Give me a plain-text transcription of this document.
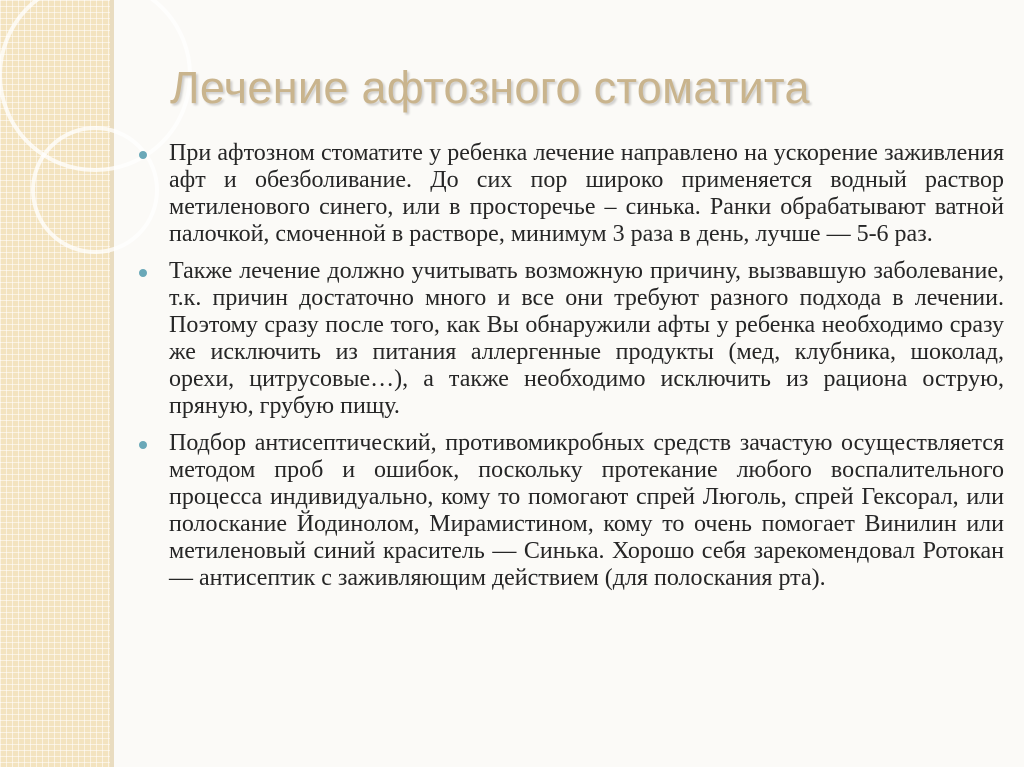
Лечение афтозного стоматита
При афтозном стоматите у ребенка лечение направлено на ускорение заживления афт и обезболивание. До сих пор широко применяется водный раствор метиленового синего, или в просторечье – синька. Ранки обрабатывают ватной палочкой, смоченной в растворе, минимум 3 раза в день, лучше — 5-6 раз.
Также лечение должно учитывать возможную причину, вызвавшую заболевание, т.к. причин достаточно много и все они требуют разного подхода в лечении. Поэтому сразу после того, как Вы обнаружили афты у ребенка необходимо сразу же исключить из питания аллергенные продукты (мед, клубника, шоколад, орехи, цитрусовые…), а также необходимо исключить из рациона острую, пряную, грубую пищу.
Подбор антисептический, противомикробных средств зачастую осуществляется методом проб и ошибок, поскольку протекание любого воспалительного процесса индивидуально, кому то помогают спрей Люголь, спрей Гексорал, или полоскание Йодинолом, Мирамистином, кому то очень помогает Винилин или метиленовый синий краситель — Синька. Хорошо себя зарекомендовал Ротокан — антисептик с заживляющим действием (для полоскания рта).
